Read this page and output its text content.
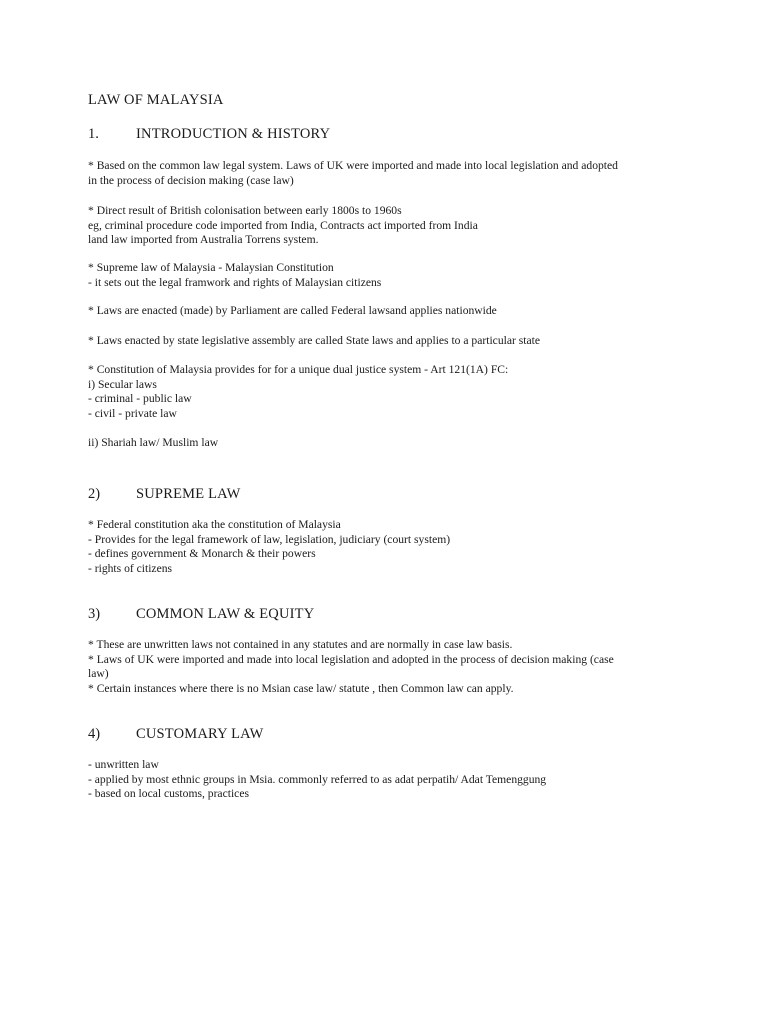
LAW OF MALAYSIA
1.	INTRODUCTION & HISTORY
* Based on the common law legal system. Laws of UK were imported and made into local legislation and adopted
in the process of decision making (case law)
* Direct result of British colonisation between early 1800s to 1960s
eg, criminal procedure code imported from India, Contracts act imported from India
land law imported from Australia Torrens system.
* Supreme law of Malaysia - Malaysian Constitution
- it sets out the legal framwork and rights of Malaysian citizens
* Laws are enacted (made) by Parliament are called Federal lawsand applies nationwide
* Laws enacted by state legislative assembly are called State laws and applies to a particular state
* Constitution of Malaysia provides for for a unique dual justice system - Art 121(1A) FC:
i) Secular laws
- criminal - public law
- civil - private law
ii) Shariah law/ Muslim law
2) SUPREME LAW
* Federal constitution aka the constitution of Malaysia
- Provides for the legal framework of law, legislation, judiciary (court system)
- defines government & Monarch & their powers
- rights of citizens
3) COMMON LAW & EQUITY
* These are unwritten laws not contained in any statutes and are normally in case law basis.
* Laws of UK were imported and made into local legislation and adopted in the process of decision making (case
law)
* Certain instances where there is no Msian case law/ statute , then Common law can apply.
4) CUSTOMARY LAW
- unwritten law
- applied by most ethnic groups in Msia. commonly referred to as adat perpatih/ Adat Temenggung
- based on local customs, practices
